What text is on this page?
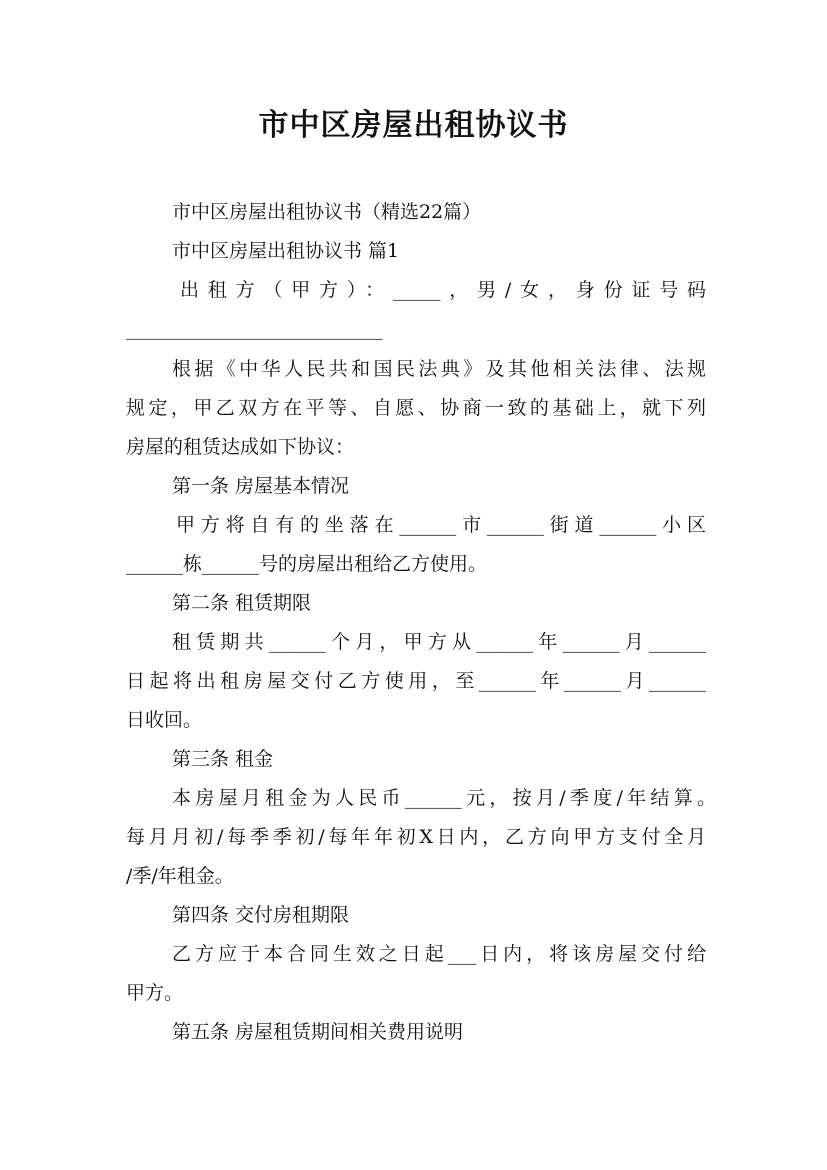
市中区房屋出租协议书
市中区房屋出租协议书（精选22篇）
市中区房屋出租协议书 篇1
出租方（甲方）：_____，男/女，身份证号码
___________________________
根据《中华人民共和国民法典》及其他相关法律、法规
规定，甲乙双方在平等、自愿、协商一致的基础上，就下列
房屋的租赁达成如下协议：
第一条 房屋基本情况
甲方将自有的坐落在______市______街道______小区
______栋______号的房屋出租给乙方使用。
第二条 租赁期限
租赁期共______个月，甲方从______年______月______
日起将出租房屋交付乙方使用，至______年______月______
日收回。
第三条 租金
本房屋月租金为人民币______元，按月/季度/年结算。
每月月初/每季季初/每年年初X日内，乙方向甲方支付全月
/季/年租金。
第四条 交付房租期限
乙方应于本合同生效之日起___日内，将该房屋交付给
甲方。
第五条 房屋租赁期间相关费用说明
